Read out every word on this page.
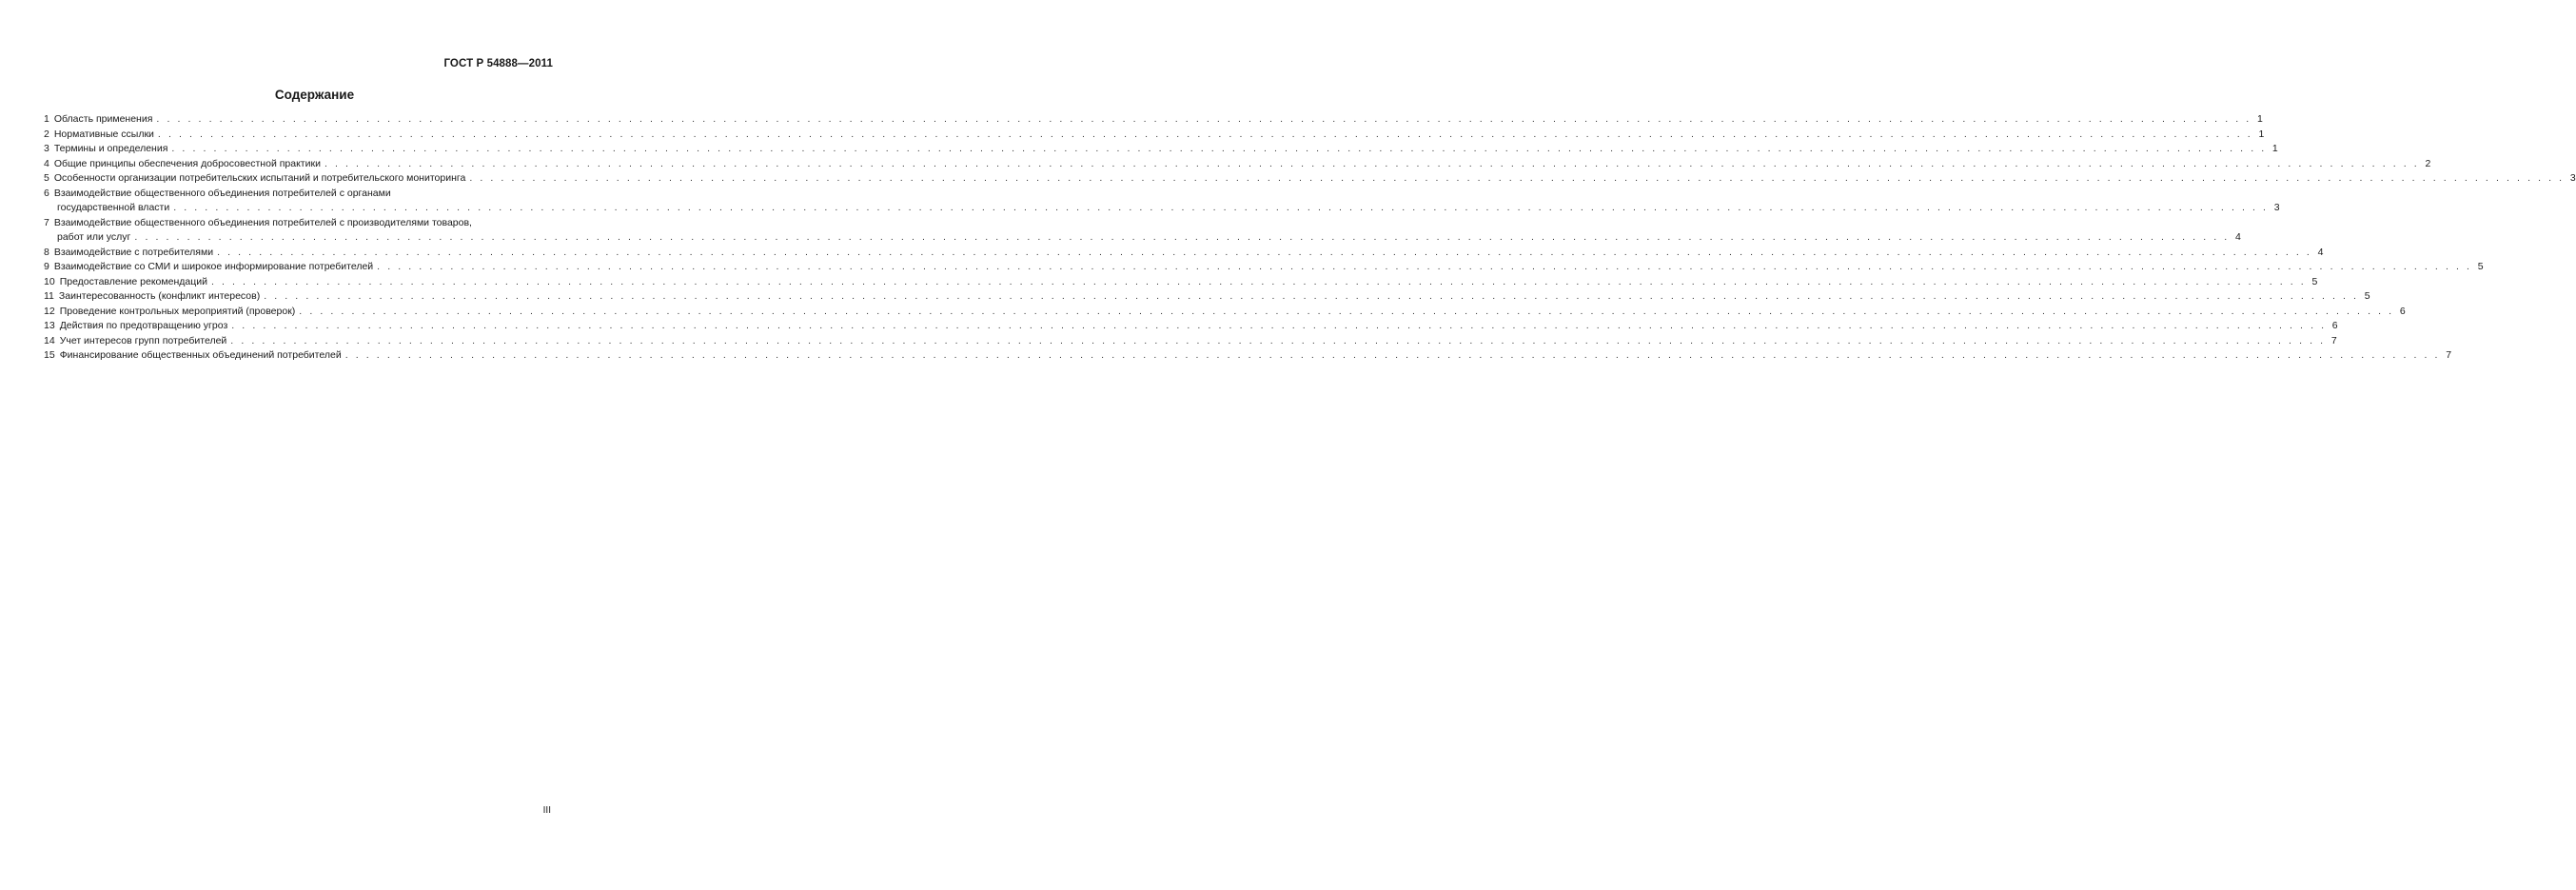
ГОСТ Р 54888—2011
Содержание
1 Область применения . . . . . . . . . . . . . . . . . . . . . . . . . . . . . . . . . . . . . . . . . . . . . . . . . . . . . . . . . . . . . . . . . . . . . . . . . . . . . . . . . . . . . . . . . . . . . . . . . . . . . . . . . . . . . . . . . . . . . . . . . . . . . . . . . . . . . . . . . . . . . . . . . . . . . . . . . . . . . . . . . . . . . . . . . . . . . . . . . . . . . . . . . . . . . . . . . . . . . . . . 1
2 Нормативные ссылки . . . . . . . . . . . . . . . . . . . . . . . . . . . . . . . . . . . . . . . . . . . . . . . . . . . . . . . . . . . . . . . . . . . . . . . . . . . . . . . . . . . . . . . . . . . . . . . . . . . . . . . . . . . . . . . . . . . . . . . . . . . . . . . . . . . . . . . . . . . . . . . . . . . . . . . . . . . . . . . . . . . . . . . . . . . . . . . . . . . . . . . . . . . . . . . . . . . . . . . . 1
3 Термины и определения . . . . . . . . . . . . . . . . . . . . . . . . . . . . . . . . . . . . . . . . . . . . . . . . . . . . . . . . . . . . . . . . . . . . . . . . . . . . . . . . . . . . . . . . . . . . . . . . . . . . . . . . . . . . . . . . . . . . . . . . . . . . . . . . . . . . . . . . . . . . . . . . . . . . . . . . . . . . . . . . . . . . . . . . . . . . . . . . . . . . . . . . . . . . . . . . . . . . . . . . 1
4 Общие принципы обеспечения добросовестной практики . . . . . . . . . . . . . . . . . . . . . . . . . . . . . . . . . . . . . . . . . . . . . . . . . . . . . . . . . . . . . . . . . . . . . . . . . . . . . . . . . . . . . . . . . . . . . . . . . . . . . . . . . . . . . . . . . . . . . . . . . . . . . . . . . . . . . . . . . . . . . . . . . . . . . . . . . . . . . . . . . . . . . . . . . . . . . . . . . . . . . . . . . . . . . . . . . . . . . . . . 2
5 Особенности организации потребительских испытаний и потребительского мониторинга . . . . . . . . . . . . . . . . . . . . . . . . . . . . . . . . . . . . . . . . . . . . . . . . . . . . . . . . . . . . . . . . . . . . . . . . . . . . . . . . . . . . . . . . . . . . . . . . . . . . . . . . . . . . . . . . . . . . . . . . . . . . . . . . . . . . . . . . . . . . . . . . . . . . . . . . . . . . . . . . . . . . . . . . . . . . . . . . . . . . . . . . . . . . . . . . . . . . . . . . 3
6 Взаимодействие общественного объединения потребителей с органами
государственной власти . . . . . . . . . . . . . . . . . . . . . . . . . . . . . . . . . . . . . . . . . . . . . . . . . . . . . . . . . . . . . . . . . . . . . . . . . . . . . . . . . . . . . . . . . . . . . . . . . . . . . . . . . . . . . . . . . . . . . . . . . . . . . . . . . . . . . . . . . . . . . . . . . . . . . . . . . . . . . . . . . . . . . . . . . . . . . . . . . . . . . . . . . . . . . . . . . . . . . . . . 3
7 Взаимодействие общественного объединения потребителей с производителями товаров,
работ или услуг . . . . . . . . . . . . . . . . . . . . . . . . . . . . . . . . . . . . . . . . . . . . . . . . . . . . . . . . . . . . . . . . . . . . . . . . . . . . . . . . . . . . . . . . . . . . . . . . . . . . . . . . . . . . . . . . . . . . . . . . . . . . . . . . . . . . . . . . . . . . . . . . . . . . . . . . . . . . . . . . . . . . . . . . . . . . . . . . . . . . . . . . . . . . . . . . . . . . . . . . 4
8 Взаимодействие с потребителями . . . . . . . . . . . . . . . . . . . . . . . . . . . . . . . . . . . . . . . . . . . . . . . . . . . . . . . . . . . . . . . . . . . . . . . . . . . . . . . . . . . . . . . . . . . . . . . . . . . . . . . . . . . . . . . . . . . . . . . . . . . . . . . . . . . . . . . . . . . . . . . . . . . . . . . . . . . . . . . . . . . . . . . . . . . . . . . . . . . . . . . . . . . . . . . . . . . . . . . . 4
9 Взаимодействие со СМИ и широкое информирование потребителей . . . . . . . . . . . . . . . . . . . . . . . . . . . . . . . . . . . . . . . . . . . . . . . . . . . . . . . . . . . . . . . . . . . . . . . . . . . . . . . . . . . . . . . . . . . . . . . . . . . . . . . . . . . . . . . . . . . . . . . . . . . . . . . . . . . . . . . . . . . . . . . . . . . . . . . . . . . . . . . . . . . . . . . . . . . . . . . . . . . . . . . . . . . . . . . . . . . . . . . . 5
10 Предоставление рекомендаций . . . . . . . . . . . . . . . . . . . . . . . . . . . . . . . . . . . . . . . . . . . . . . . . . . . . . . . . . . . . . . . . . . . . . . . . . . . . . . . . . . . . . . . . . . . . . . . . . . . . . . . . . . . . . . . . . . . . . . . . . . . . . . . . . . . . . . . . . . . . . . . . . . . . . . . . . . . . . . . . . . . . . . . . . . . . . . . . . . . . . . . . . . . . . . . . . . . . . . . . 5
11 Заинтересованность (конфликт интересов) . . . . . . . . . . . . . . . . . . . . . . . . . . . . . . . . . . . . . . . . . . . . . . . . . . . . . . . . . . . . . . . . . . . . . . . . . . . . . . . . . . . . . . . . . . . . . . . . . . . . . . . . . . . . . . . . . . . . . . . . . . . . . . . . . . . . . . . . . . . . . . . . . . . . . . . . . . . . . . . . . . . . . . . . . . . . . . . . . . . . . . . . . . . . . . . . . . . . . . . . 5
12 Проведение контрольных мероприятий (проверок) . . . . . . . . . . . . . . . . . . . . . . . . . . . . . . . . . . . . . . . . . . . . . . . . . . . . . . . . . . . . . . . . . . . . . . . . . . . . . . . . . . . . . . . . . . . . . . . . . . . . . . . . . . . . . . . . . . . . . . . . . . . . . . . . . . . . . . . . . . . . . . . . . . . . . . . . . . . . . . . . . . . . . . . . . . . . . . . . . . . . . . . . . . . . . . . . . . . . . . . . 6
13 Действия по предотвращению угроз . . . . . . . . . . . . . . . . . . . . . . . . . . . . . . . . . . . . . . . . . . . . . . . . . . . . . . . . . . . . . . . . . . . . . . . . . . . . . . . . . . . . . . . . . . . . . . . . . . . . . . . . . . . . . . . . . . . . . . . . . . . . . . . . . . . . . . . . . . . . . . . . . . . . . . . . . . . . . . . . . . . . . . . . . . . . . . . . . . . . . . . . . . . . . . . . . . . . . . . . 6
14 Учет интересов групп потребителей . . . . . . . . . . . . . . . . . . . . . . . . . . . . . . . . . . . . . . . . . . . . . . . . . . . . . . . . . . . . . . . . . . . . . . . . . . . . . . . . . . . . . . . . . . . . . . . . . . . . . . . . . . . . . . . . . . . . . . . . . . . . . . . . . . . . . . . . . . . . . . . . . . . . . . . . . . . . . . . . . . . . . . . . . . . . . . . . . . . . . . . . . . . . . . . . . . . . . . . . 7
15 Финансирование общественных объединений потребителей . . . . . . . . . . . . . . . . . . . . . . . . . . . . . . . . . . . . . . . . . . . . . . . . . . . . . . . . . . . . . . . . . . . . . . . . . . . . . . . . . . . . . . . . . . . . . . . . . . . . . . . . . . . . . . . . . . . . . . . . . . . . . . . . . . . . . . . . . . . . . . . . . . . . . . . . . . . . . . . . . . . . . . . . . . . . . . . . . . . . . . . . . . . . . . . . . . . . . . . . 7
III
